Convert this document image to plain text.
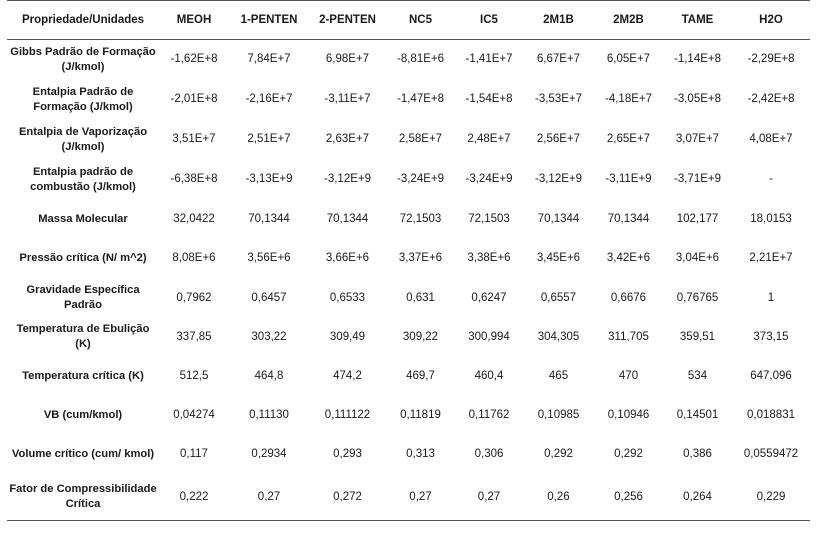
Propriedade/Unidades	MEOH	1-PENTEN	2-PENTEN	NC5	IC5	2M1B	2M2B	TAME	H2O
Gibbs Padrão de Formação (J/kmol)	-1,62E+8	7,84E+7	6,98E+7	-8,81E+6	-1,41E+7	6,67E+7	6,05E+7	-1,14E+8	-2,29E+8
Entalpia Padrão de Formação (J/kmol)	-2,01E+8	-2,16E+7	-3,11E+7	-1,47E+8	-1,54E+8	-3,53E+7	-4,18E+7	-3,05E+8	-2,42E+8
Entalpia de Vaporização (J/kmol)	3,51E+7	2,51E+7	2,63E+7	2,58E+7	2,48E+7	2,56E+7	2,65E+7	3,07E+7	4,08E+7
Entalpia padrão de combustão (J/kmol)	-6,38E+8	-3,13E+9	-3,12E+9	-3,24E+9	-3,24E+9	-3,12E+9	-3,11E+9	-3,71E+9	-
Massa Molecular	32,0422	70,1344	70,1344	72,1503	72,1503	70,1344	70,1344	102,177	18,0153
Pressão crítica (N/ m^2)	8,08E+6	3,56E+6	3,66E+6	3,37E+6	3,38E+6	3,45E+6	3,42E+6	3,04E+6	2,21E+7
Gravidade Específica Padrão	0,7962	0,6457	0,6533	0,631	0,6247	0,6557	0,6676	0,76765	1
Temperatura de Ebulição (K)	337,85	303,22	309,49	309,22	300,994	304,305	311,705	359,51	373,15
Temperatura crítica (K)	512,5	464,8	474,2	469,7	460,4	465	470	534	647,096
VB (cum/kmol)	0,04274	0,11130	0,111122	0,11819	0,11762	0,10985	0,10946	0,14501	0,018831
Volume crítico (cum/ kmol)	0,117	0,2934	0,293	0,313	0,306	0,292	0,292	0,386	0,0559472
Fator de Compressibilidade Crítica	0,222	0,27	0,272	0,27	0,27	0,26	0,256	0,264	0,229
